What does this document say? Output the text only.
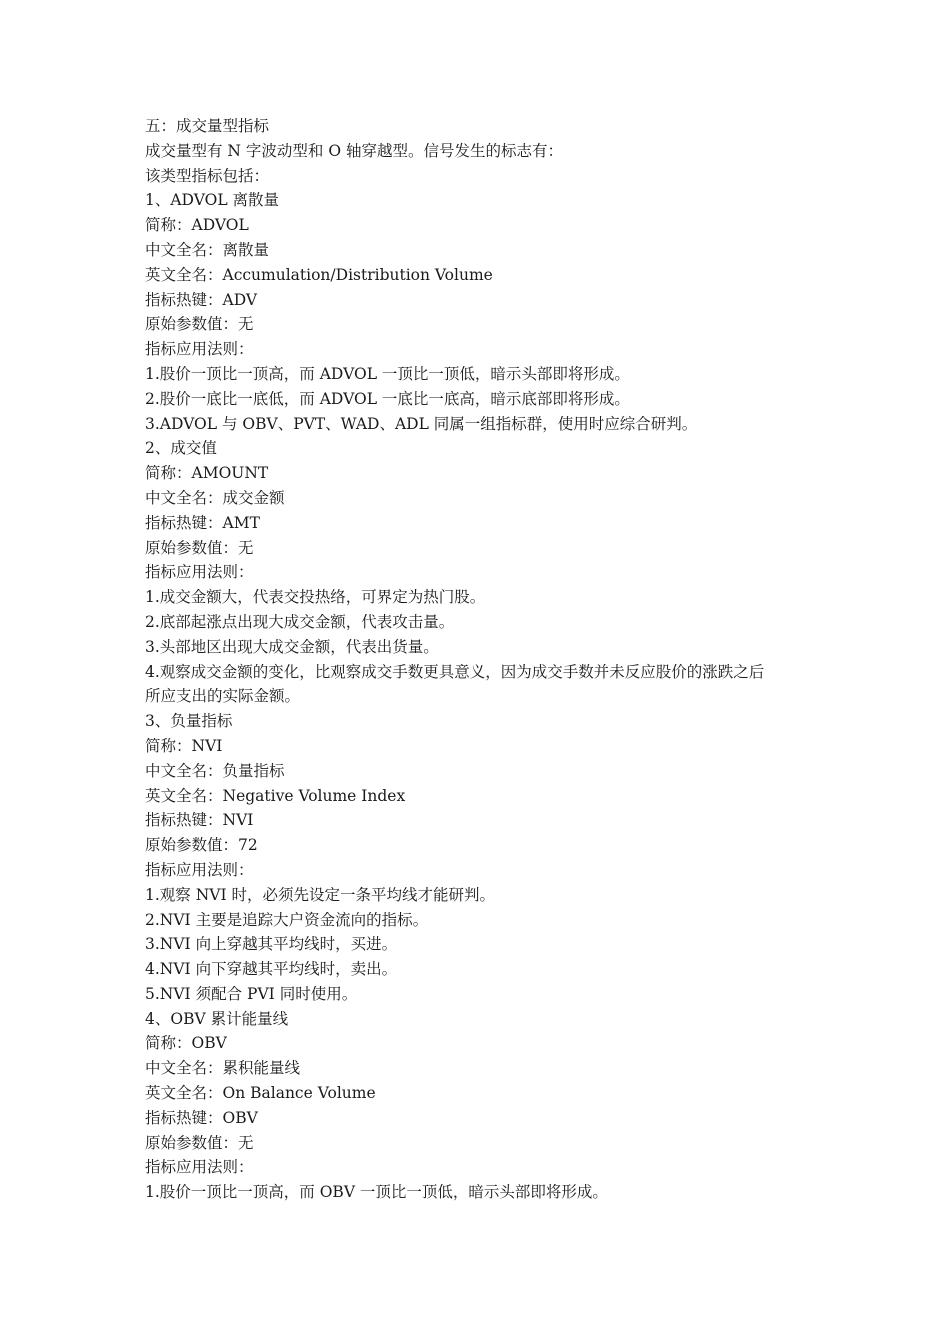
五：成交量型指标
成交量型有 N 字波动型和 O 轴穿越型。信号发生的标志有：
该类型指标包括：
1、ADVOL 离散量
简称：ADVOL
中文全名：离散量
英文全名：Accumulation/Distribution Volume
指标热键：ADV
原始参数值：无
指标应用法则：
1.股价一顶比一顶高，而 ADVOL 一顶比一顶低，暗示头部即将形成。
2.股价一底比一底低，而 ADVOL 一底比一底高，暗示底部即将形成。
3.ADVOL 与 OBV、PVT、WAD、ADL 同属一组指标群，使用时应综合研判。
2、成交值
简称：AMOUNT
中文全名：成交金额
指标热键：AMT
原始参数值：无
指标应用法则：
1.成交金额大，代表交投热络，可界定为热门股。
2.底部起涨点出现大成交金额，代表攻击量。
3.头部地区出现大成交金额，代表出货量。
4.观察成交金额的变化，比观察成交手数更具意义，因为成交手数并未反应股价的涨跌之后
所应支出的实际金额。
3、负量指标
简称：NVI
中文全名：负量指标
英文全名：Negative Volume Index
指标热键：NVI
原始参数值：72
指标应用法则：
1.观察 NVI 时，必须先设定一条平均线才能研判。
2.NVI 主要是追踪大户资金流向的指标。
3.NVI 向上穿越其平均线时，买进。
4.NVI 向下穿越其平均线时，卖出。
5.NVI 须配合 PVI 同时使用。
4、OBV 累计能量线
简称：OBV
中文全名：累积能量线
英文全名：On Balance Volume
指标热键：OBV
原始参数值：无
指标应用法则：
1.股价一顶比一顶高，而 OBV 一顶比一顶低，暗示头部即将形成。
